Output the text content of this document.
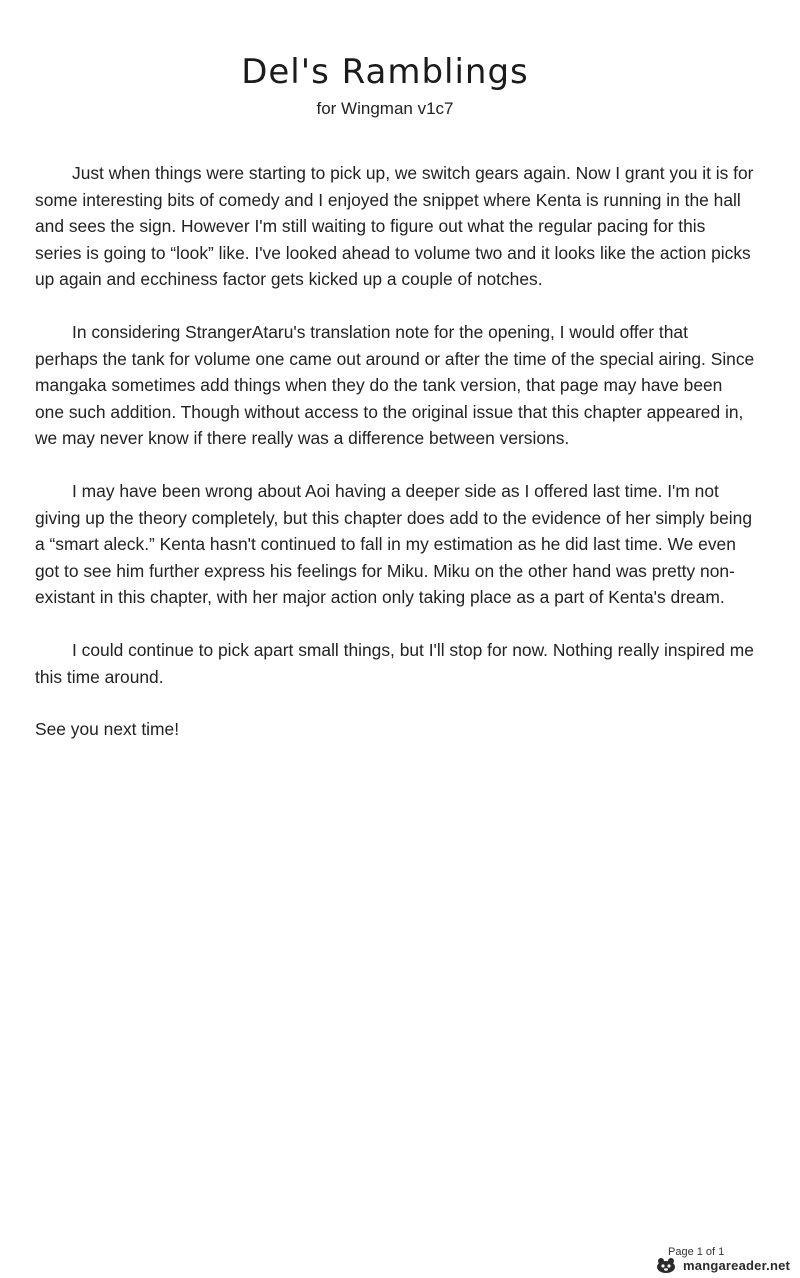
Del's Ramblings
for Wingman v1c7

Just when things were starting to pick up, we switch gears again. Now I grant you it is for some interesting bits of comedy and I enjoyed the snippet where Kenta is running in the hall and sees the sign. However I'm still waiting to figure out what the regular pacing for this series is going to “look” like. I've looked ahead to volume two and it looks like the action picks up again and ecchiness factor gets kicked up a couple of notches.

In considering StrangerAtaru's translation note for the opening, I would offer that perhaps the tank for volume one came out around or after the time of the special airing. Since mangaka sometimes add things when they do the tank version, that page may have been one such addition. Though without access to the original issue that this chapter appeared in, we may never know if there really was a difference between versions.

I may have been wrong about Aoi having a deeper side as I offered last time. I'm not giving up the theory completely, but this chapter does add to the evidence of her simply being a “smart aleck.” Kenta hasn't continued to fall in my estimation as he did last time. We even got to see him further express his feelings for Miku. Miku on the other hand was pretty non-existant in this chapter, with her major action only taking place as a part of Kenta's dream.

I could continue to pick apart small things, but I'll stop for now. Nothing really inspired me this time around.

See you next time!

Page 1 of 1
mangareader.net
